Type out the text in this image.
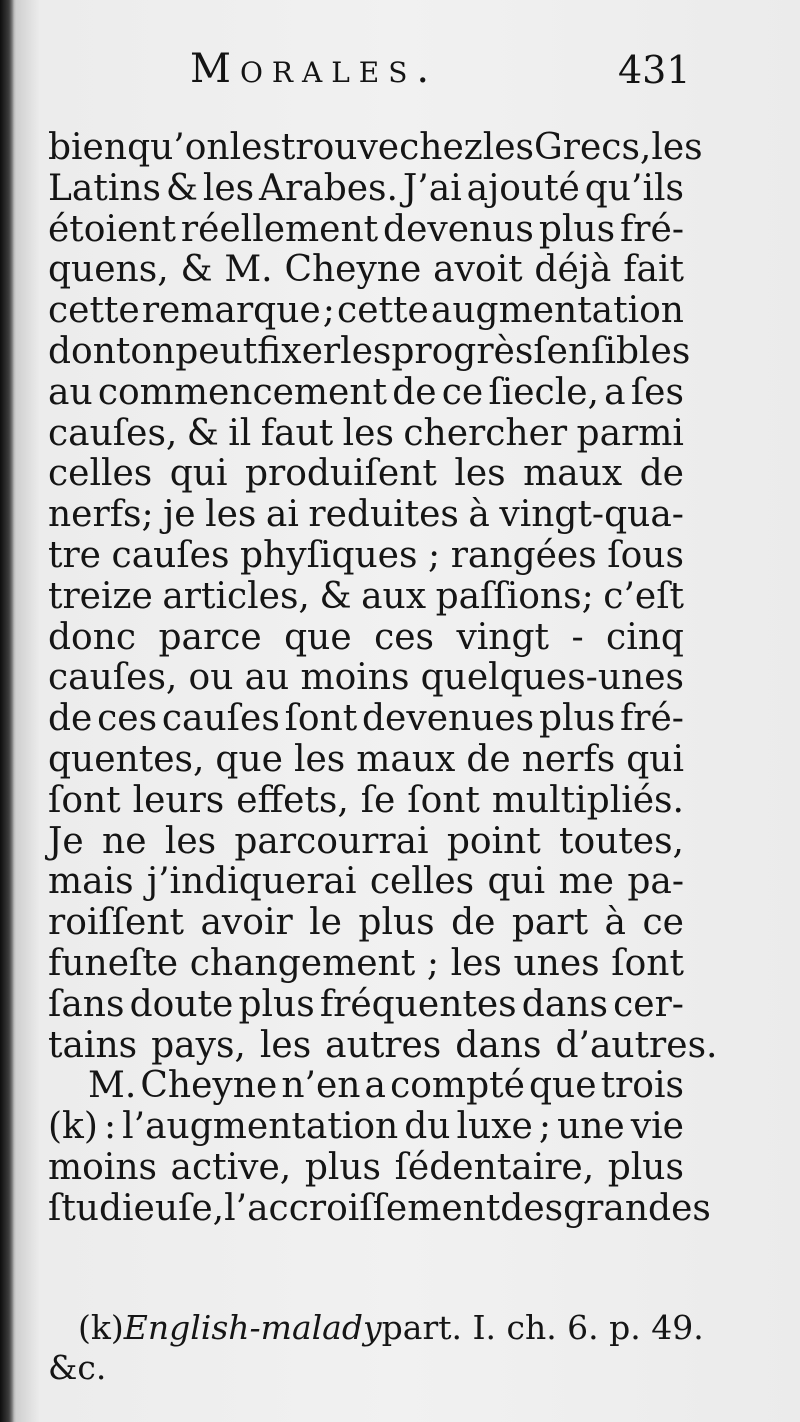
Morales.	431
bien qu’on les trouve chez les Grecs,les
Latins & les Arabes. J’ai ajouté qu’ils
étoient réellement devenus plus fré-
quens, & M. Cheyne avoit déjà fait
cette remarque ; cette augmentation
dont on peut fixer les progrès ſenſibles
au commencement de ce ſiecle, a ſes
cauſes, & il faut les chercher parmi
celles qui produiſent les maux de
nerfs; je les ai reduites à vingt-qua-
tre cauſes phyſiques ; rangées ſous
treize articles, & aux paſſions; c’eſt
donc parce que ces vingt - cinq
cauſes, ou au moins quelques-unes
de ces cauſes ſont devenues plus fré-
quentes, que les maux de nerfs qui
ſont leurs effets, ſe ſont multipliés.
Je ne les parcourrai point toutes,
mais j’indiquerai celles qui me pa-
roiſſent avoir le plus de part à ce
funeſte changement ; les unes ſont
ſans doute plus fréquentes dans cer-
tains pays, les autres dans d’autres.
M. Cheyne n’en a compté que trois
(k) : l’augmentation du luxe ; une vie
moins active, plus ſédentaire, plus
ſtudieuſe, l’accroiſſement des grandes
(k) English-malady part. I. ch. 6. p. 49.
&c.
